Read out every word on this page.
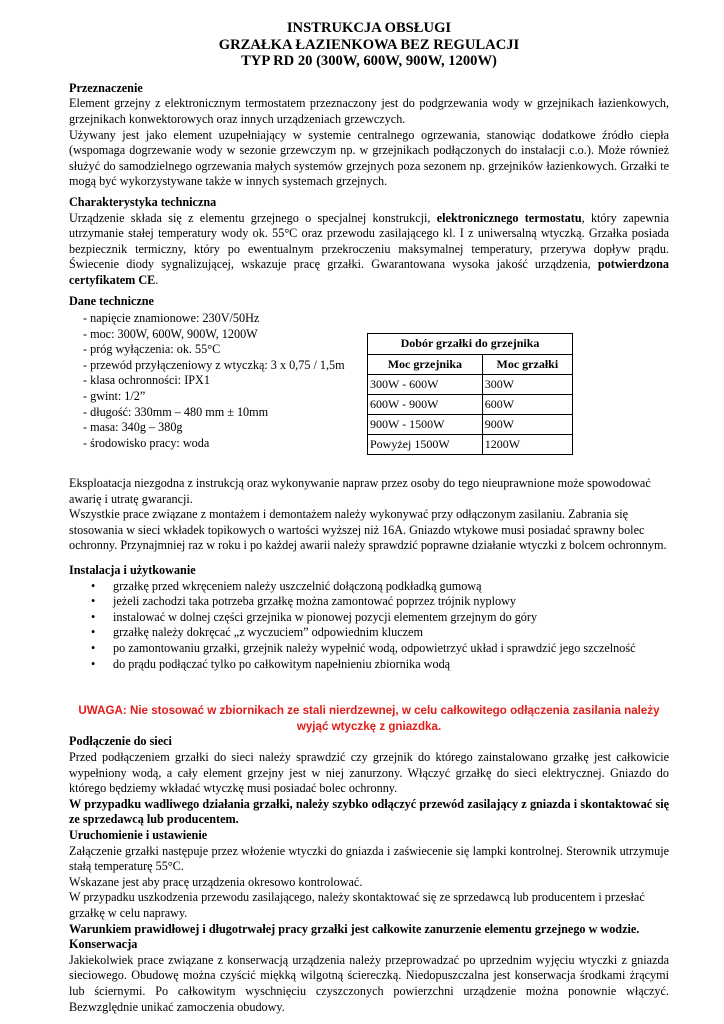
INSTRUKCJA OBSŁUGI
GRZAŁKA ŁAZIENKOWA BEZ REGULACJI
TYP RD 20 (300W, 600W, 900W, 1200W)
Przeznaczenie

Element grzejny z elektronicznym termostatem przeznaczony jest do podgrzewania wody w grzejnikach łazienkowych, grzejnikach konwektorowych oraz innych urządzeniach grzewczych.

Używany jest jako element uzupełniający w systemie centralnego ogrzewania, stanowiąc dodatkowe źródło ciepła (wspomaga dogrzewanie wody w sezonie grzewczym np. w grzejnikach podłączonych do instalacji c.o.). Może również służyć do samodzielnego ogrzewania małych systemów grzejnych poza sezonem np. grzejników łazienkowych. Grzałki te mogą być wykorzystywane także w innych systemach grzejnych.

Charakterystyka techniczna

Urządzenie składa się z elementu grzejnego o specjalnej konstrukcji, elektronicznego termostatu, który zapewnia utrzymanie stałej temperatury wody ok. 55°C oraz przewodu zasilającego kl. I z uniwersalną wtyczką. Grzałka posiada bezpiecznik termiczny, który po ewentualnym przekroczeniu maksymalnej temperatury, przerywa dopływ prądu. Świecenie diody sygnalizującej, wskazuje pracę grzałki. Gwarantowana wysoka jakość urządzenia, potwierdzona certyfikatem CE.

Dane techniczne
- napięcie znamionowe: 230V/50Hz
- moc: 300W, 600W, 900W, 1200W
- próg wyłączenia: ok. 55°C
- przewód przyłączeniowy z wtyczką: 3 x 0,75 / 1,5m
- klasa ochronności: IPX1
- gwint: 1/2”
- długość: 330mm – 480 mm ± 10mm
- masa: 340g – 380g
- środowisko pracy: woda
Dobór grzałki do grzejnika	
Moc grzejnika	Moc grzałki
300W - 600W	300W
600W - 900W	600W
900W - 1500W	900W
Powyżej 1500W	1200W

Eksploatacja niezgodna z instrukcją oraz wykonywanie napraw przez osoby do tego nieuprawnione może spowodować awarię i utratę gwarancji.

Wszystkie prace związane z montażem i demontażem należy wykonywać przy odłączonym zasilaniu. Zabrania się stosowania w sieci wkładek topikowych o wartości wyższej niż 16A. Gniazdo wtykowe musi posiadać sprawny bolec ochronny. Przynajmniej raz w roku i po każdej awarii należy sprawdzić poprawne działanie wtyczki z bolcem ochronnym.

Instalacja i użytkowanie
• grzałkę przed wkręceniem należy uszczelnić dołączoną podkładką gumową
• jeżeli zachodzi taka potrzeba grzałkę można zamontować poprzez trójnik nyplowy
• instalować w dolnej części grzejnika w pionowej pozycji elementem grzejnym do góry
• grzałkę należy dokręcać „z wyczuciem” odpowiednim kluczem
• po zamontowaniu grzałki, grzejnik należy wypełnić wodą, odpowietrzyć układ i sprawdzić jego szczelność
• do prądu podłączać tylko po całkowitym napełnieniu zbiornika wodą
UWAGA: Nie stosować w zbiornikach ze stali nierdzewnej, w celu całkowitego odłączenia zasilania należy wyjąć wtyczkę z gniazdka.
Podłączenie do sieci

Przed podłączeniem grzałki do sieci należy sprawdzić czy grzejnik do którego zainstalowano grzałkę jest całkowicie wypełniony wodą, a cały element grzejny jest w niej zanurzony. Włączyć grzałkę do sieci elektrycznej. Gniazdo do którego będziemy wkładać wtyczkę musi posiadać bolec ochronny.

W przypadku wadliwego działania grzałki, należy szybko odłączyć przewód zasilający z gniazda i skontaktować się ze sprzedawcą lub producentem.

Uruchomienie i ustawienie

Załączenie grzałki następuje przez włożenie wtyczki do gniazda i zaświecenie się lampki kontrolnej. Sterownik utrzymuje stałą temperaturę 55°C.

Wskazane jest aby pracę urządzenia okresowo kontrolować.

W przypadku uszkodzenia przewodu zasilającego, należy skontaktować się ze sprzedawcą lub producentem i przesłać grzałkę w celu naprawy.

Warunkiem prawidłowej i długotrwałej pracy grzałki jest całkowite zanurzenie elementu grzejnego w wodzie.

Konserwacja

Jakiekolwiek prace związane z konserwacją urządzenia należy przeprowadzać po uprzednim wyjęciu wtyczki z gniazda sieciowego. Obudowę można czyścić miękką wilgotną ściereczką. Niedopuszczalna jest konserwacja środkami żrącymi lub ściernymi. Po całkowitym wyschnięciu czyszczonych powierzchni urządzenie można ponownie włączyć. Bezwzględnie unikać zamoczenia obudowy.
